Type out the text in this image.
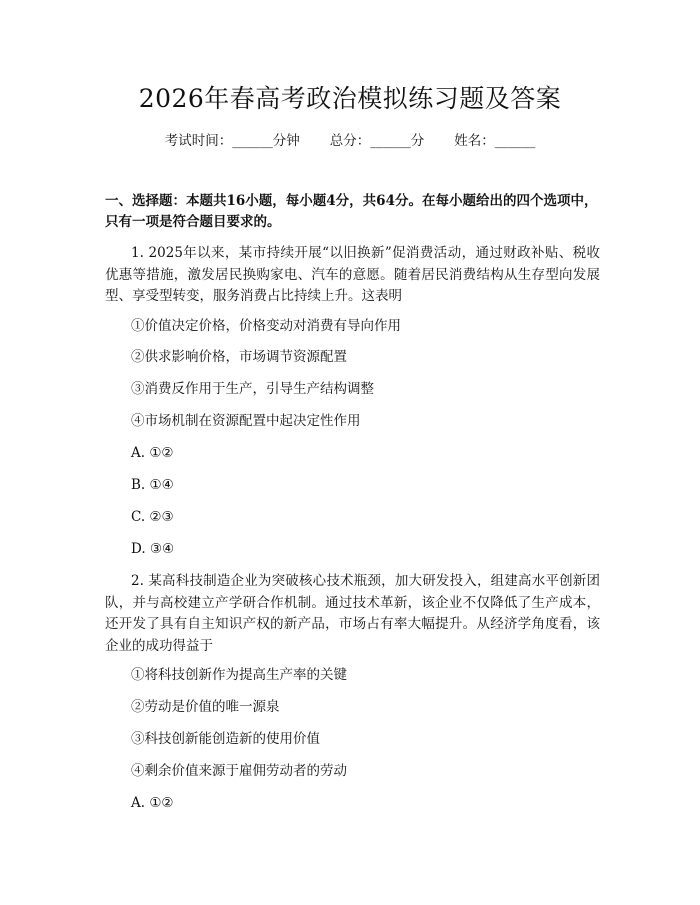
2026年春高考政治模拟练习题及答案
考试时间：______分钟 总分：______分 姓名：______
一、选择题：本题共16小题，每小题4分，共64分。在每小题给出的四个选项中，只有一项是符合题目要求的。
1. 2025年以来，某市持续开展“以旧换新”促消费活动，通过财政补贴、税收优惠等措施，激发居民换购家电、汽车的意愿。随着居民消费结构从生存型向发展型、享受型转变，服务消费占比持续上升。这表明
①价值决定价格，价格变动对消费有导向作用
②供求影响价格，市场调节资源配置
③消费反作用于生产，引导生产结构调整
④市场机制在资源配置中起决定性作用
A. ①②
B. ①④
C. ②③
D. ③④
2. 某高科技制造企业为突破核心技术瓶颈，加大研发投入，组建高水平创新团队，并与高校建立产学研合作机制。通过技术革新，该企业不仅降低了生产成本，还开发了具有自主知识产权的新产品，市场占有率大幅提升。从经济学角度看，该企业的成功得益于
①将科技创新作为提高生产率的关键
②劳动是价值的唯一源泉
③科技创新能创造新的使用价值
④剩余价值来源于雇佣劳动者的劳动
A. ①②
